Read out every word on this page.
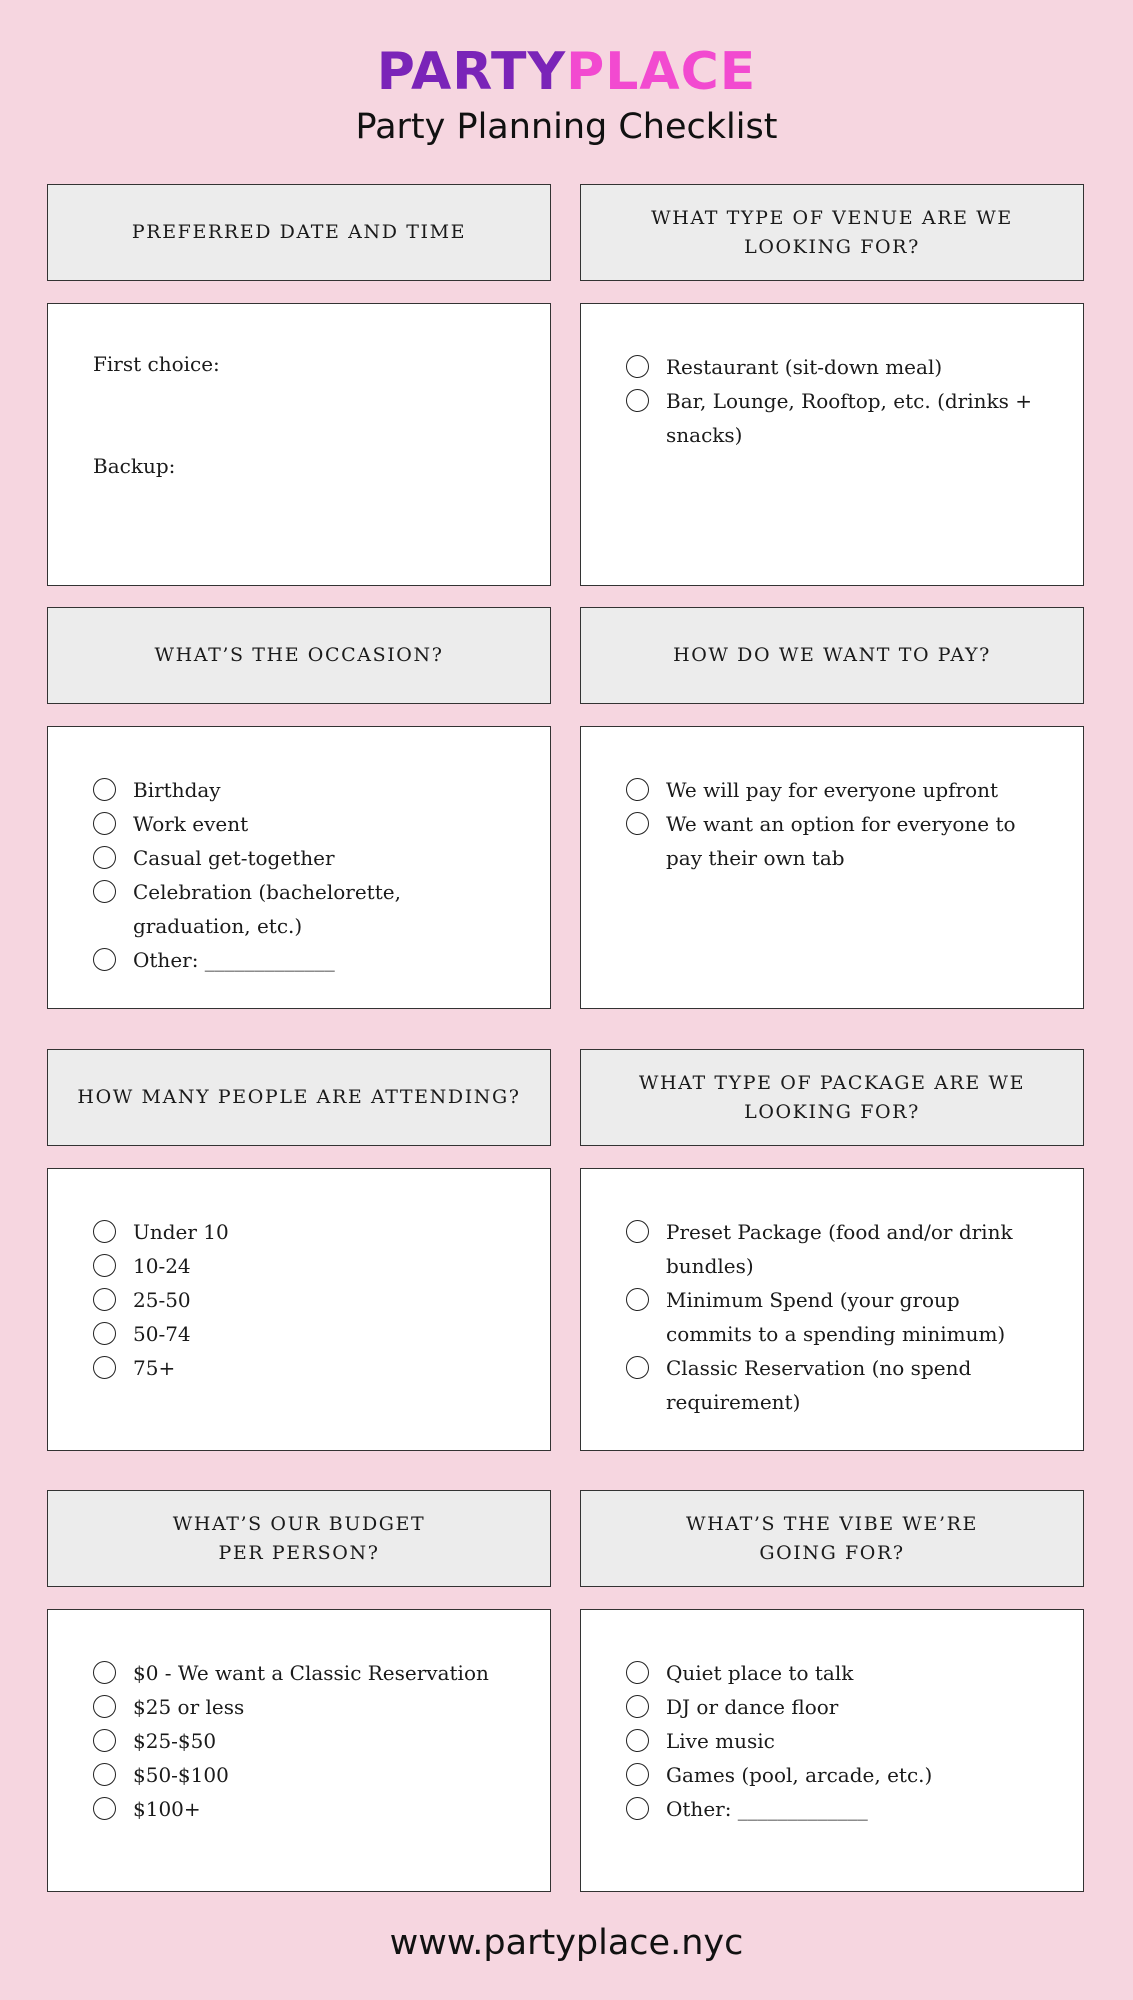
PARTYPLACE
Party Planning Checklist
PREFERRED DATE AND TIME
WHAT TYPE OF VENUE ARE WE LOOKING FOR?
First choice:
Backup:
Restaurant (sit-down meal)
Bar, Lounge, Rooftop, etc. (drinks + snacks)
WHAT’S THE OCCASION?	HOW DO WE WANT TO PAY?
Birthday
Work event
Casual get-together
Celebration (bachelorette, graduation, etc.)
Other: _____________
We will pay for everyone upfront
We want an option for everyone to pay their own tab
HOW MANY PEOPLE ARE ATTENDING?
WHAT TYPE OF PACKAGE ARE WE LOOKING FOR?
Under 10
10-24
25-50
50-74
75+
Preset Package (food and/or drink bundles)
Minimum Spend (your group commits to a spending minimum)
Classic Reservation (no spend requirement)
WHAT’S OUR BUDGET
PER PERSON?
WHAT’S THE VIBE WE’RE
GOING FOR?
$0 - We want a Classic Reservation
$25 or less
$25-$50
$50-$100
$100+
Quiet place to talk
DJ or dance floor
Live music
Games (pool, arcade, etc.)
Other: _____________
www.partyplace.nyc
